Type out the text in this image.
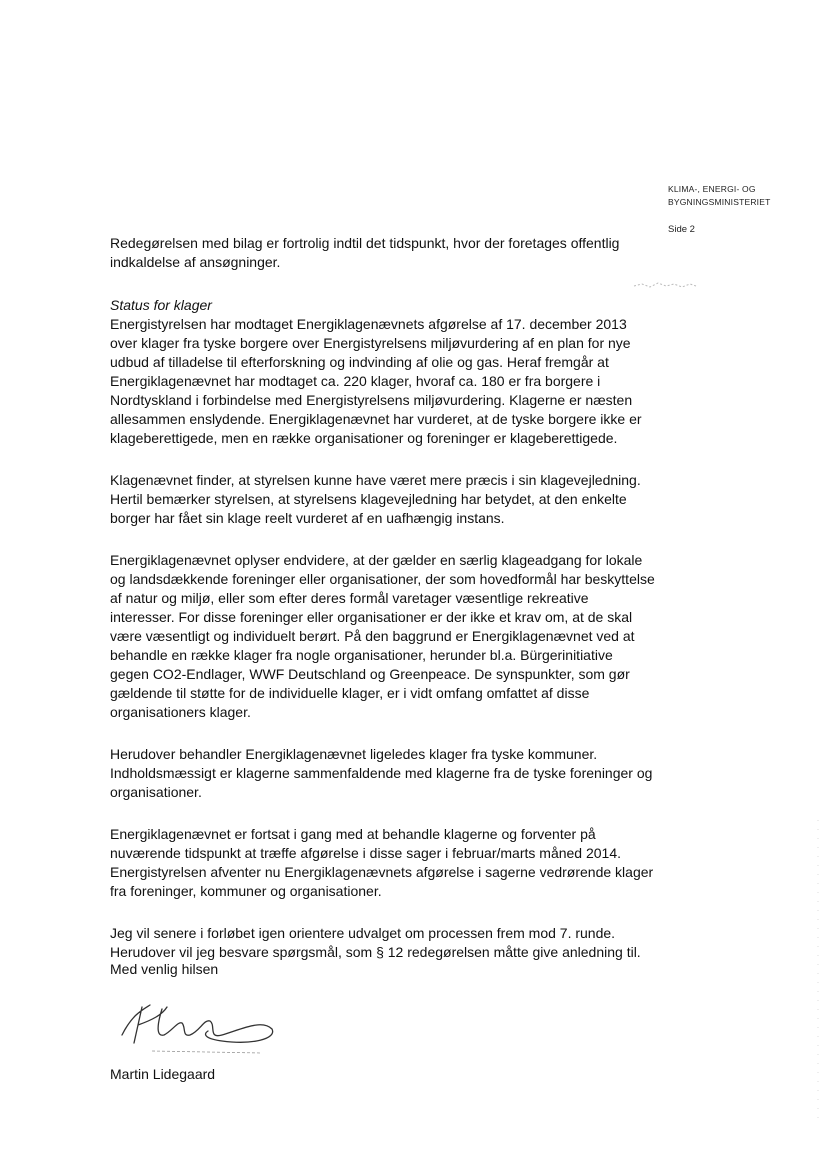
KLIMA-, ENERGI- OG
BYGNINGSMINISTERIET
Side 2

Redegørelsen med bilag er fortrolig indtil det tidspunkt, hvor der foretages offentlig indkaldelse af ansøgninger.

Status for klager

Energistyrelsen har modtaget Energiklagenævnets afgørelse af 17. december 2013 over klager fra tyske borgere over Energistyrelsens miljøvurdering af en plan for nye udbud af tilladelse til efterforskning og indvinding af olie og gas. Heraf fremgår at Energiklagenævnet har modtaget ca. 220 klager, hvoraf ca. 180 er fra borgere i Nordtyskland i forbindelse med Energistyrelsens miljøvurdering. Klagerne er næsten allesammen enslydende. Energiklagenævnet har vurderet, at de tyske borgere ikke er klageberettigede, men en række organisationer og foreninger er klageberettigede.

Klagenævnet finder, at styrelsen kunne have været mere præcis i sin klagevejledning. Hertil bemærker styrelsen, at styrelsens klagevejledning har betydet, at den enkelte borger har fået sin klage reelt vurderet af en uafhængig instans.

Energiklagenævnet oplyser endvidere, at der gælder en særlig klageadgang for lokale og landsdækkende foreninger eller organisationer, der som hovedformål har beskyttelse af natur og miljø, eller som efter deres formål varetager væsentlige rekreative interesser. For disse foreninger eller organisationer er der ikke et krav om, at de skal være væsentligt og individuelt berørt. På den baggrund er Energiklagenævnet ved at behandle en række klager fra nogle organisationer, herunder bl.a. Bürgerinitiative gegen CO2-Endlager, WWF Deutschland og Greenpeace. De synspunkter, som gør gældende til støtte for de individuelle klager, er i vidt omfang omfattet af disse organisationers klager.

Herudover behandler Energiklagenævnet ligeledes klager fra tyske kommuner. Indholdsmæssigt er klagerne sammenfaldende med klagerne fra de tyske foreninger og organisationer.

Energiklagenævnet er fortsat i gang med at behandle klagerne og forventer på nuværende tidspunkt at træffe afgørelse i disse sager i februar/marts måned 2014. Energistyrelsen afventer nu Energiklagenævnets afgørelse i sagerne vedrørende klager fra foreninger, kommuner og organisationer.

Jeg vil senere i forløbet igen orientere udvalget om processen frem mod 7. runde. Herudover vil jeg besvare spørgsmål, som § 12 redegørelsen måtte give anledning til.

Med venlig hilsen
Martin Lidegaard
